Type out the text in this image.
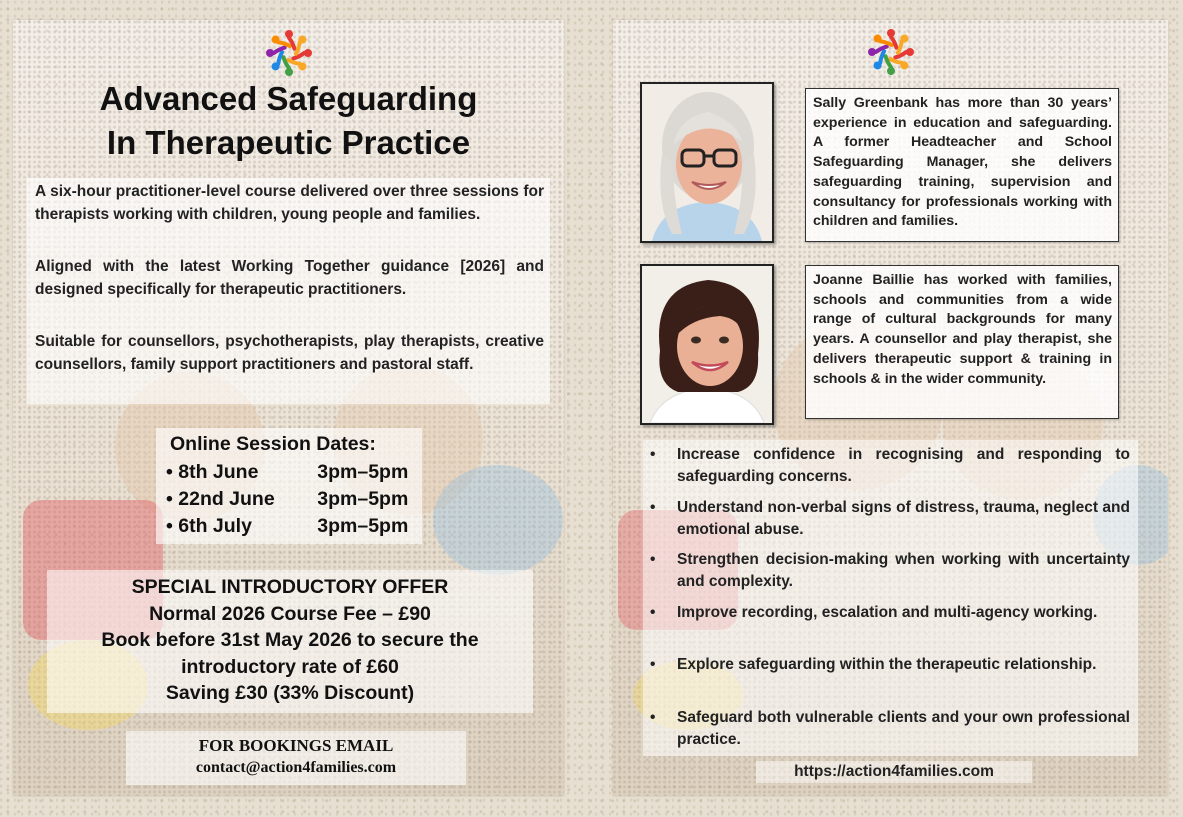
Advanced Safeguarding
In Therapeutic Practice

A six-hour practitioner-level course delivered over three sessions for therapists working with children, young people and families.

Aligned with the latest Working Together guidance [2026] and designed specifically for therapeutic practitioners.

Suitable for counsellors, psychotherapists, play therapists, creative counsellors, family support practitioners and pastoral staff.

Online Session Dates:
• 8th June	3pm–5pm
• 22nd June 3pm–5pm
• 6th July	3pm–5pm
SPECIAL INTRODUCTORY OFFER
Normal 2026 Course Fee – £90
Book before 31st May 2026 to secure the
introductory rate of £60
Saving £30 (33% Discount)
FOR BOOKINGS EMAIL
contact@action4families.com
Sally Greenbank has more than 30 years’ experience in education and safeguarding. A former Headteacher and School Safeguarding Manager, she delivers safeguarding training, supervision and consultancy for professionals working with children and families.
Joanne Baillie has worked with families, schools and communities from a wide range of cultural backgrounds for many years. A counsellor and play therapist, she delivers therapeutic support & training in schools & in the wider community.
• Increase confidence in recognising and responding to safeguarding concerns.
• Understand non-verbal signs of distress, trauma, neglect and emotional abuse.
• Strengthen decision-making when working with uncertainty and complexity.
• Improve recording, escalation and multi-agency working.
• Explore safeguarding within the therapeutic relationship.
• Safeguard both vulnerable clients and your own professional practice.
https://action4families.com
